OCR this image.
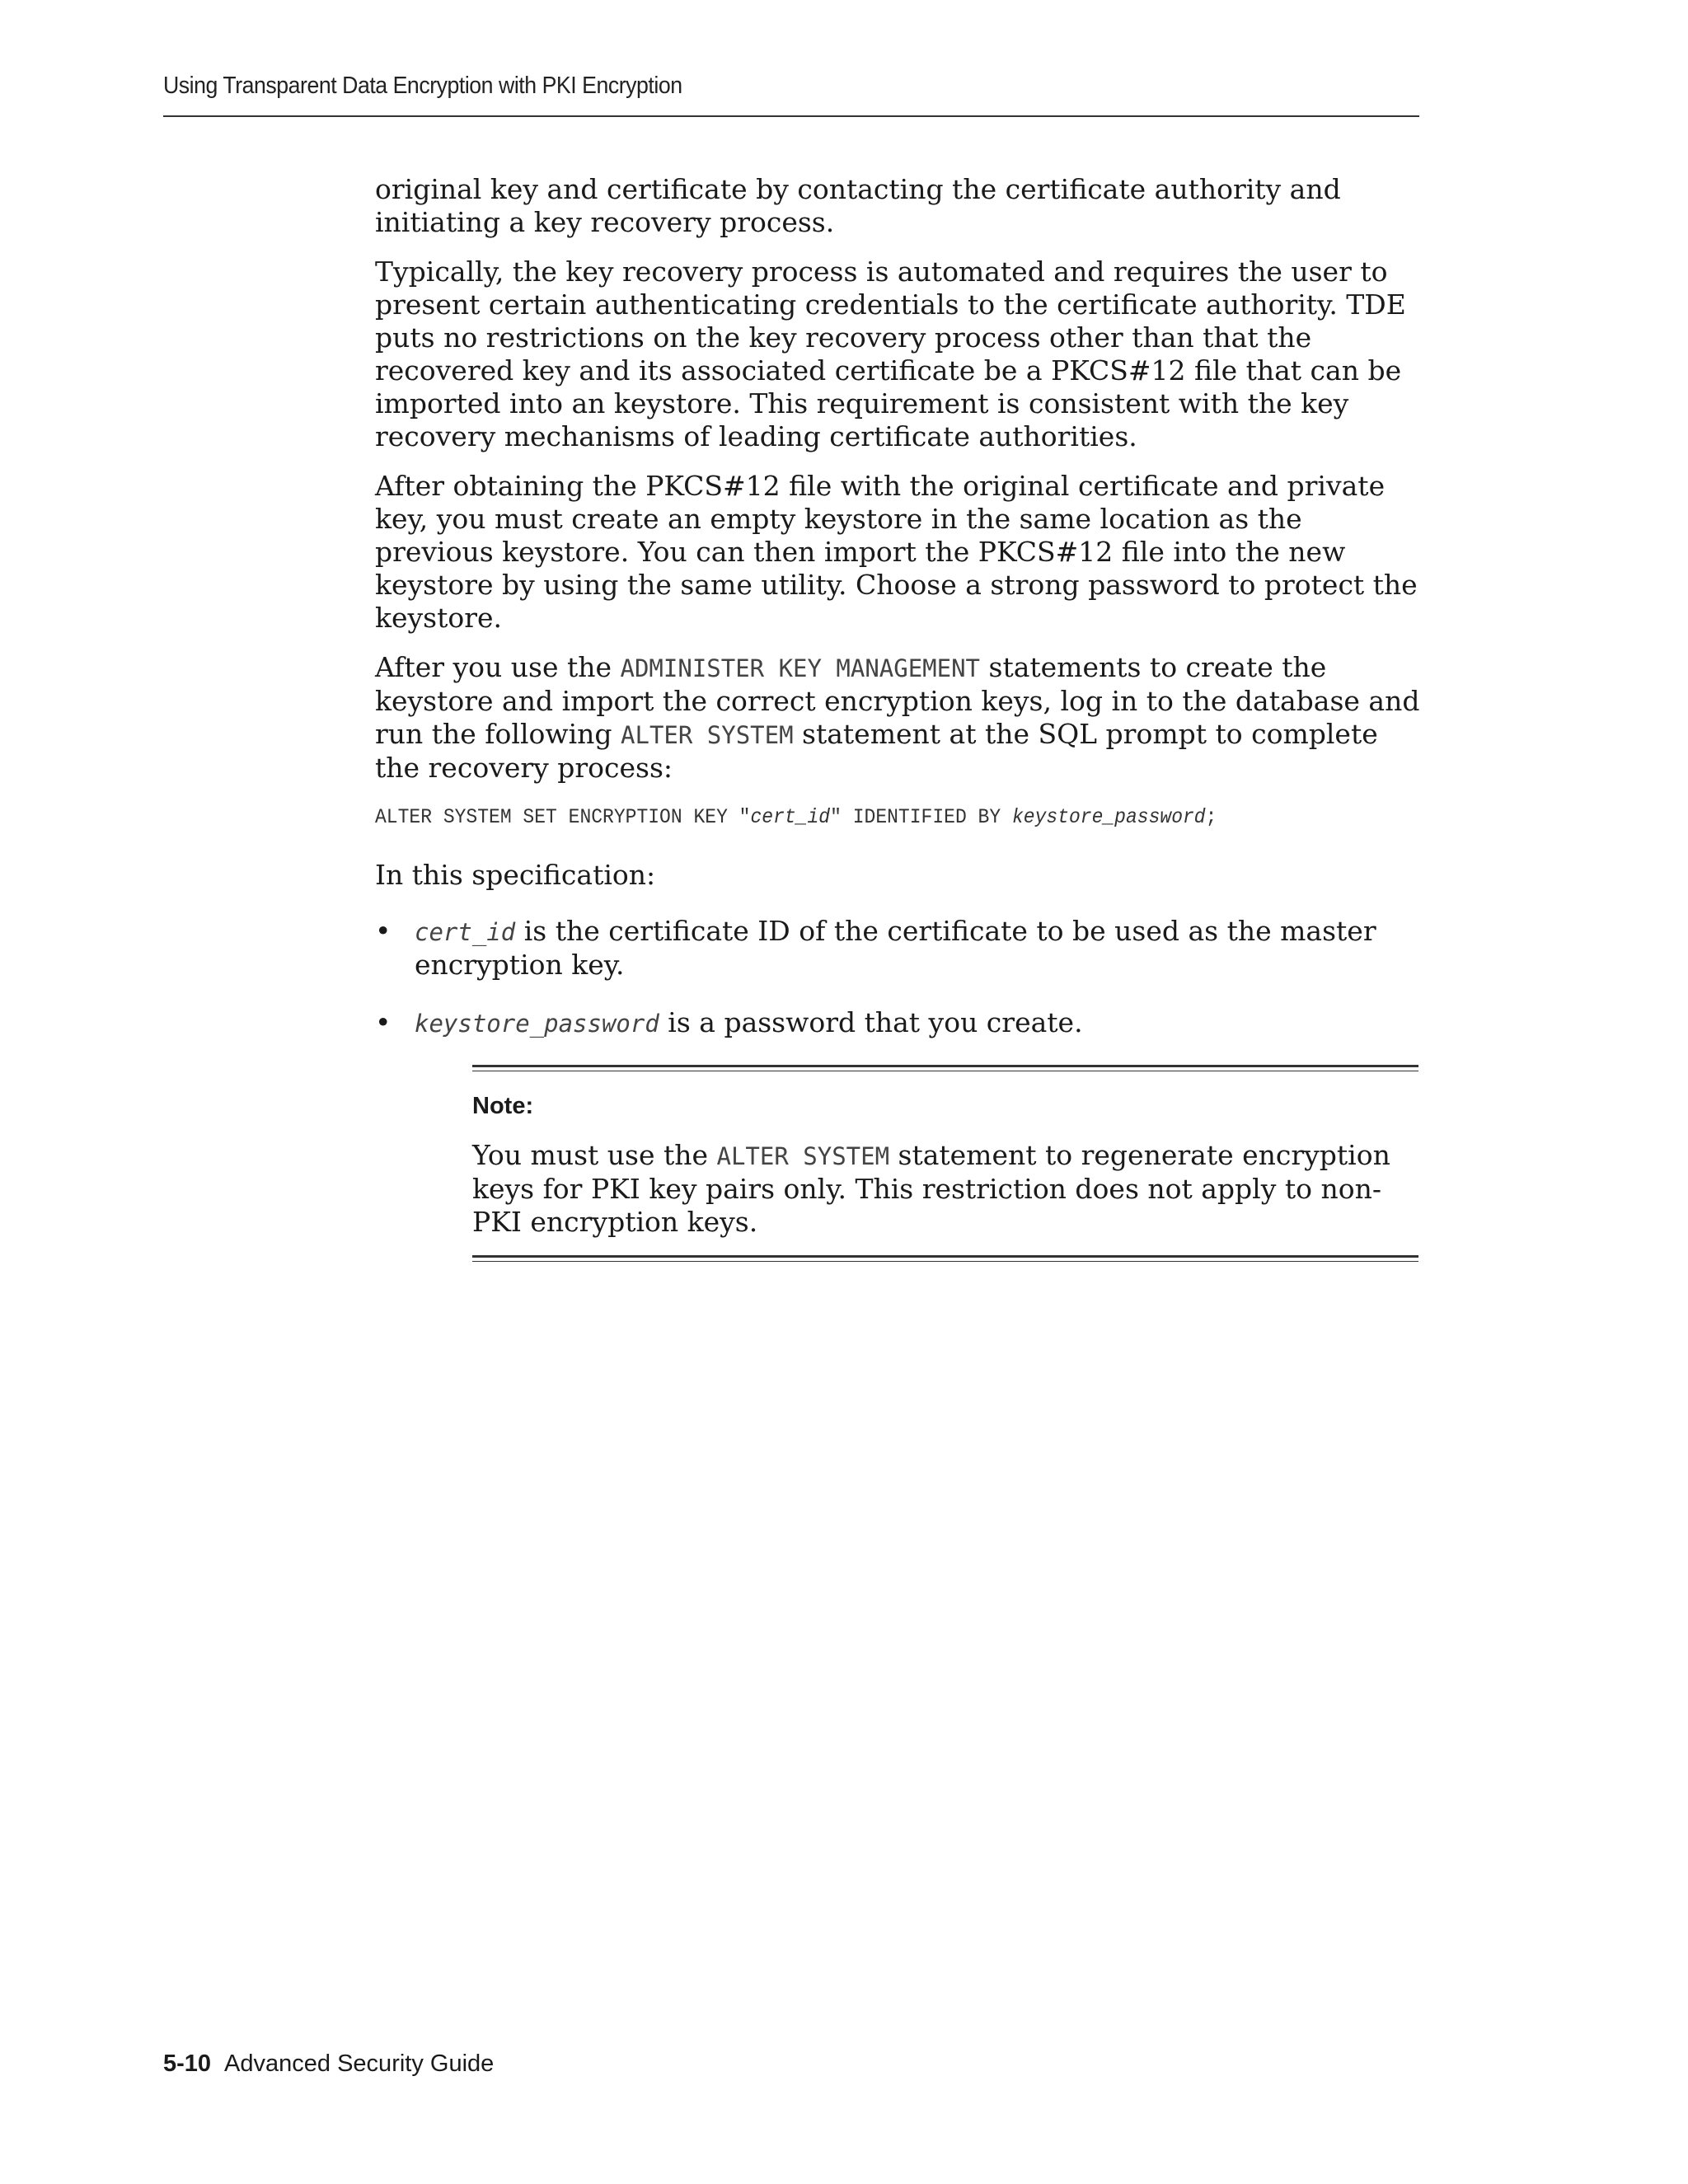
Using Transparent Data Encryption with PKI Encryption

original key and certificate by contacting the certificate authority and initiating a key recovery process.

Typically, the key recovery process is automated and requires the user to present certain authenticating credentials to the certificate authority. TDE puts no restrictions on the key recovery process other than that the recovered key and its associated certificate be a PKCS#12 file that can be imported into an keystore. This requirement is consistent with the key recovery mechanisms of leading certificate authorities.

After obtaining the PKCS#12 file with the original certificate and private key, you must create an empty keystore in the same location as the previous keystore. You can then import the PKCS#12 file into the new keystore by using the same utility. Choose a strong password to protect the keystore.

After you use the ADMINISTER KEY MANAGEMENT statements to create the keystore and import the correct encryption keys, log in to the database and run the following ALTER SYSTEM statement at the SQL prompt to complete the recovery process:

ALTER SYSTEM SET ENCRYPTION KEY "cert_id" IDENTIFIED BY keystore_password;

In this specification:

• cert_id is the certificate ID of the certificate to be used as the master encryption key.
• keystore_password is a password that you create.
Note:

You must use the ALTER SYSTEM statement to regenerate encryption keys for PKI key pairs only. This restriction does not apply to non-PKI encryption keys.

5-10 Advanced Security Guide
